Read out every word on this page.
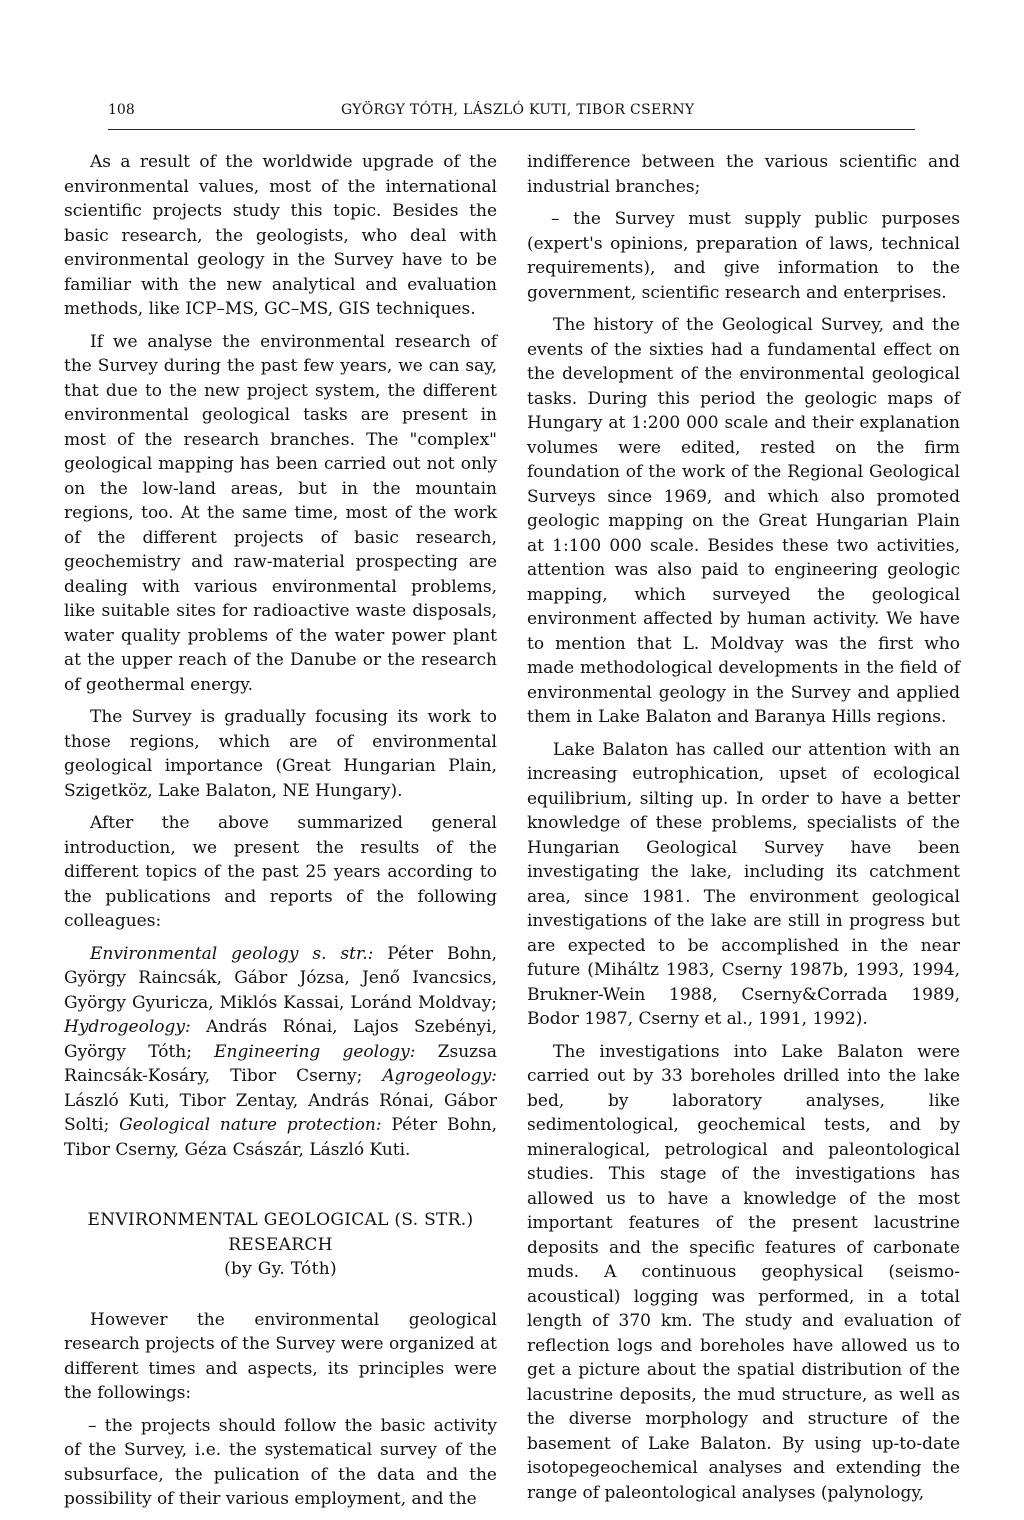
108	GYÖRGY TÓTH, LÁSZLÓ KUTI, TIBOR CSERNY

As a result of the worldwide upgrade of the environmental values, most of the international scientific projects study this topic. Besides the basic research, the geologists, who deal with environmental geology in the Survey have to be familiar with the new analytical and evaluation methods, like ICP–MS, GC–MS, GIS techniques.

If we analyse the environmental research of the Survey during the past few years, we can say, that due to the new project system, the different environmental geological tasks are present in most of the research branches. The "complex" geological mapping has been carried out not only on the low-land areas, but in the mountain regions, too. At the same time, most of the work of the different projects of basic research, geochemistry and raw-material prospecting are dealing with various environmental problems, like suitable sites for radioactive waste disposals, water quality problems of the water power plant at the upper reach of the Danube or the research of geothermal energy.

The Survey is gradually focusing its work to those regions, which are of environmental geological importance (Great Hungarian Plain, Szigetköz, Lake Balaton, NE Hungary).

After the above summarized general introduction, we present the results of the different topics of the past 25 years according to the publications and reports of the following colleagues:

Environmental geology s. str.: Péter Bohn, György Raincsák, Gábor Józsa, Jenő Ivancsics, György Gyuricza, Miklós Kassai, Loránd Moldvay; Hydrogeology: András Rónai, Lajos Szebényi, György Tóth; Engineering geology: Zsuzsa Raincsák-Kosáry, Tibor Cserny; Agrogeology: László Kuti, Tibor Zentay, András Rónai, Gábor Solti; Geological nature protection: Péter Bohn, Tibor Cserny, Géza Császár, László Kuti.

ENVIRONMENTAL GEOLOGICAL (S. STR.)
RESEARCH
(by Gy. Tóth)

However the environmental geological research projects of the Survey were organized at different times and aspects, its principles were the followings:

– the projects should follow the basic activity of the Survey, i.e. the systematical survey of the subsurface, the pulication of the data and the possibility of their various employment, and the

indifference between the various scientific and industrial branches;

– the Survey must supply public purposes (expert's opinions, preparation of laws, technical requirements), and give information to the government, scientific research and enterprises.

The history of the Geological Survey, and the events of the sixties had a fundamental effect on the development of the environmental geological tasks. During this period the geologic maps of Hungary at 1:200 000 scale and their explanation volumes were edited, rested on the firm foundation of the work of the Regional Geological Surveys since 1969, and which also promoted geologic mapping on the Great Hungarian Plain at 1:100 000 scale. Besides these two activities, attention was also paid to engineering geologic mapping, which surveyed the geological environment affected by human activity. We have to mention that L. Moldvay was the first who made methodological developments in the field of environmental geology in the Survey and applied them in Lake Balaton and Baranya Hills regions.

Lake Balaton has called our attention with an increasing eutrophication, upset of ecological equilibrium, silting up. In order to have a better knowledge of these problems, specialists of the Hungarian Geological Survey have been investigating the lake, including its catchment area, since 1981. The environment geological investigations of the lake are still in progress but are expected to be accomplished in the near future (Miháltz 1983, Cserny 1987b, 1993, 1994, Brukner-Wein 1988, Cserny&Corrada 1989, Bodor 1987, Cserny et al., 1991, 1992).

The investigations into Lake Balaton were carried out by 33 boreholes drilled into the lake bed, by laboratory analyses, like sedimentological, geochemical tests, and by mineralogical, petrological and paleontological studies. This stage of the investigations has allowed us to have a knowledge of the most important features of the present lacustrine deposits and the specific features of carbonate muds. A continuous geophysical (seismo-acoustical) logging was performed, in a total length of 370 km. The study and evaluation of reflection logs and boreholes have allowed us to get a picture about the spatial distribution of the lacustrine deposits, the mud structure, as well as the diverse morphology and structure of the basement of Lake Balaton. By using up-to-date isotopegeochemical analyses and extending the range of paleontological analyses (palynology,
